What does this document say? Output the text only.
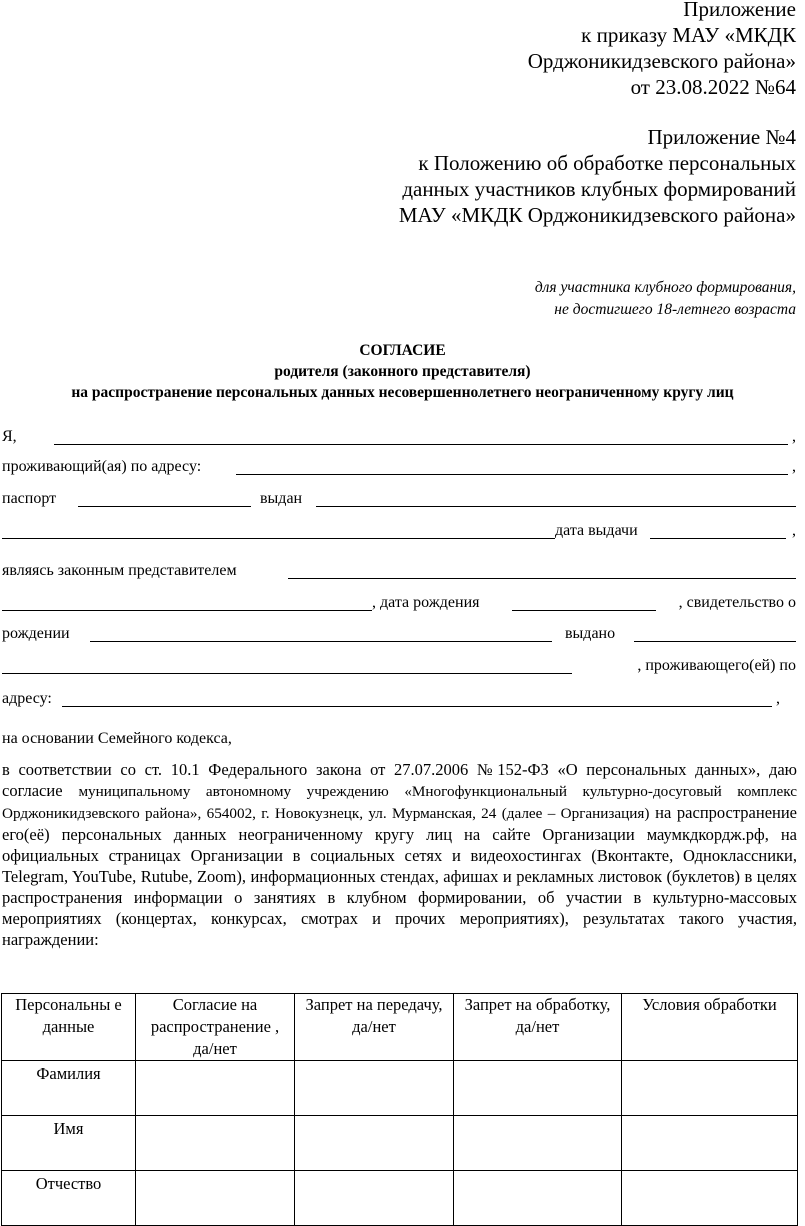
Приложение
к приказу МАУ «МКДК
Орджоникидзевского района»
от 23.08.2022 №64
Приложение №4
к Положению об обработке персональных
данных участников клубных формирований
МАУ «МКДК Орджоникидзевского района»
для участника клубного формирования,
не достигшего 18-летнего возраста
СОГЛАСИЕ
родителя (законного представителя)
на распространение персональных данных несовершеннолетнего неограниченному кругу лиц
Я,	,
проживающий(ая) по адресу:	,
паспорт	выдан
дата выдачи	,
являясь законным представителем
, дата рождения	, свидетельство о
рождении	выдано
, проживающего(ей) по
адресу:	,
на основании Семейного кодекса,
в соответствии со ст. 10.1 Федерального закона от 27.07.2006 №152-ФЗ «О персональных данных», даю согласие муниципальному автономному учреждению «Многофункциональный культурно-досуговый комплекс Орджоникидзевского района», 654002, г. Новокузнецк, ул. Мурманская, 24 (далее – Организация) на распространение его(её) персональных данных неограниченному кругу лиц на сайте Организации маумкдкордж.рф, на официальных страницах Организации в социальных сетях и видеохостингах (Вконтакте, Одноклассники, Telegram, YouTube, Rutube, Zoom), информационных стендах, афишах и рекламных листовок (буклетов) в целях распространения информации о занятиях в клубном формировании, об участии в культурно-массовых мероприятиях (концертах, конкурсах, смотрах и прочих мероприятиях), результатах такого участия, награждении:
Персональны е данные	Согласие на распространение , да/нет	Запрет на передачу, да/нет	Запрет на обработку, да/нет	Условия обработки
Фамилия				
Имя				
Отчество				
